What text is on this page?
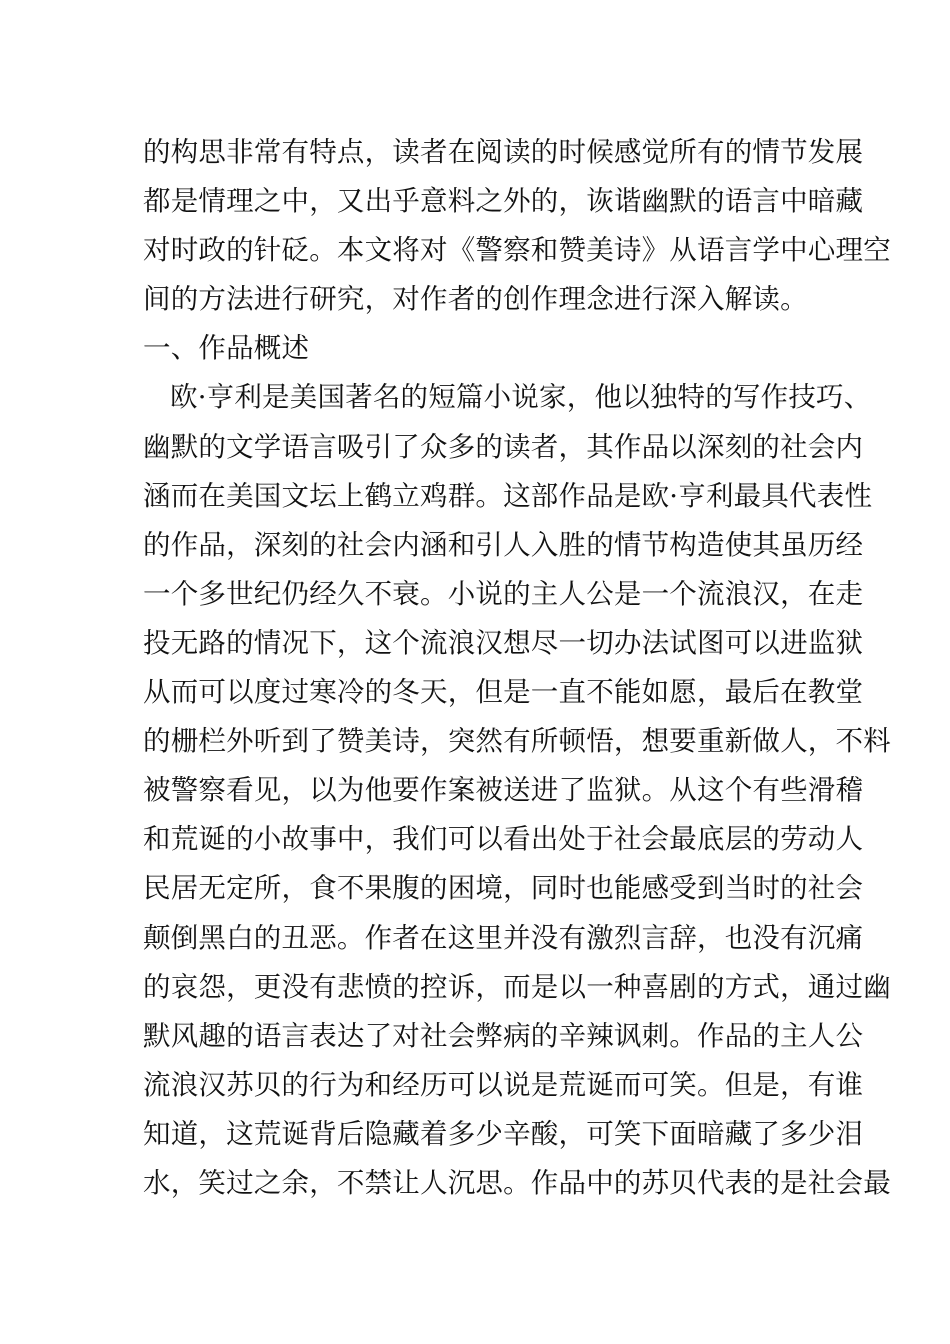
的构思非常有特点，读者在阅读的时候感觉所有的情节发展
都是情理之中，又出乎意料之外的，诙谐幽默的语言中暗藏
对时政的针砭。本文将对《警察和赞美诗》从语言学中心理空
间的方法进行研究，对作者的创作理念进行深入解读。
一、作品概述
欧·亨利是美国著名的短篇小说家，他以独特的写作技巧、
幽默的文学语言吸引了众多的读者，其作品以深刻的社会内
涵而在美国文坛上鹤立鸡群。这部作品是欧·亨利最具代表性
的作品，深刻的社会内涵和引人入胜的情节构造使其虽历经
一个多世纪仍经久不衰。小说的主人公是一个流浪汉，在走
投无路的情况下，这个流浪汉想尽一切办法试图可以进监狱
从而可以度过寒冷的冬天，但是一直不能如愿，最后在教堂
的栅栏外听到了赞美诗，突然有所顿悟，想要重新做人，不料
被警察看见，以为他要作案被送进了监狱。从这个有些滑稽
和荒诞的小故事中，我们可以看出处于社会最底层的劳动人
民居无定所，食不果腹的困境，同时也能感受到当时的社会
颠倒黑白的丑恶。作者在这里并没有激烈言辞，也没有沉痛
的哀怨，更没有悲愤的控诉，而是以一种喜剧的方式，通过幽
默风趣的语言表达了对社会弊病的辛辣讽刺。作品的主人公
流浪汉苏贝的行为和经历可以说是荒诞而可笑。但是，有谁
知道，这荒诞背后隐藏着多少辛酸，可笑下面暗藏了多少泪
水，笑过之余，不禁让人沉思。作品中的苏贝代表的是社会最
